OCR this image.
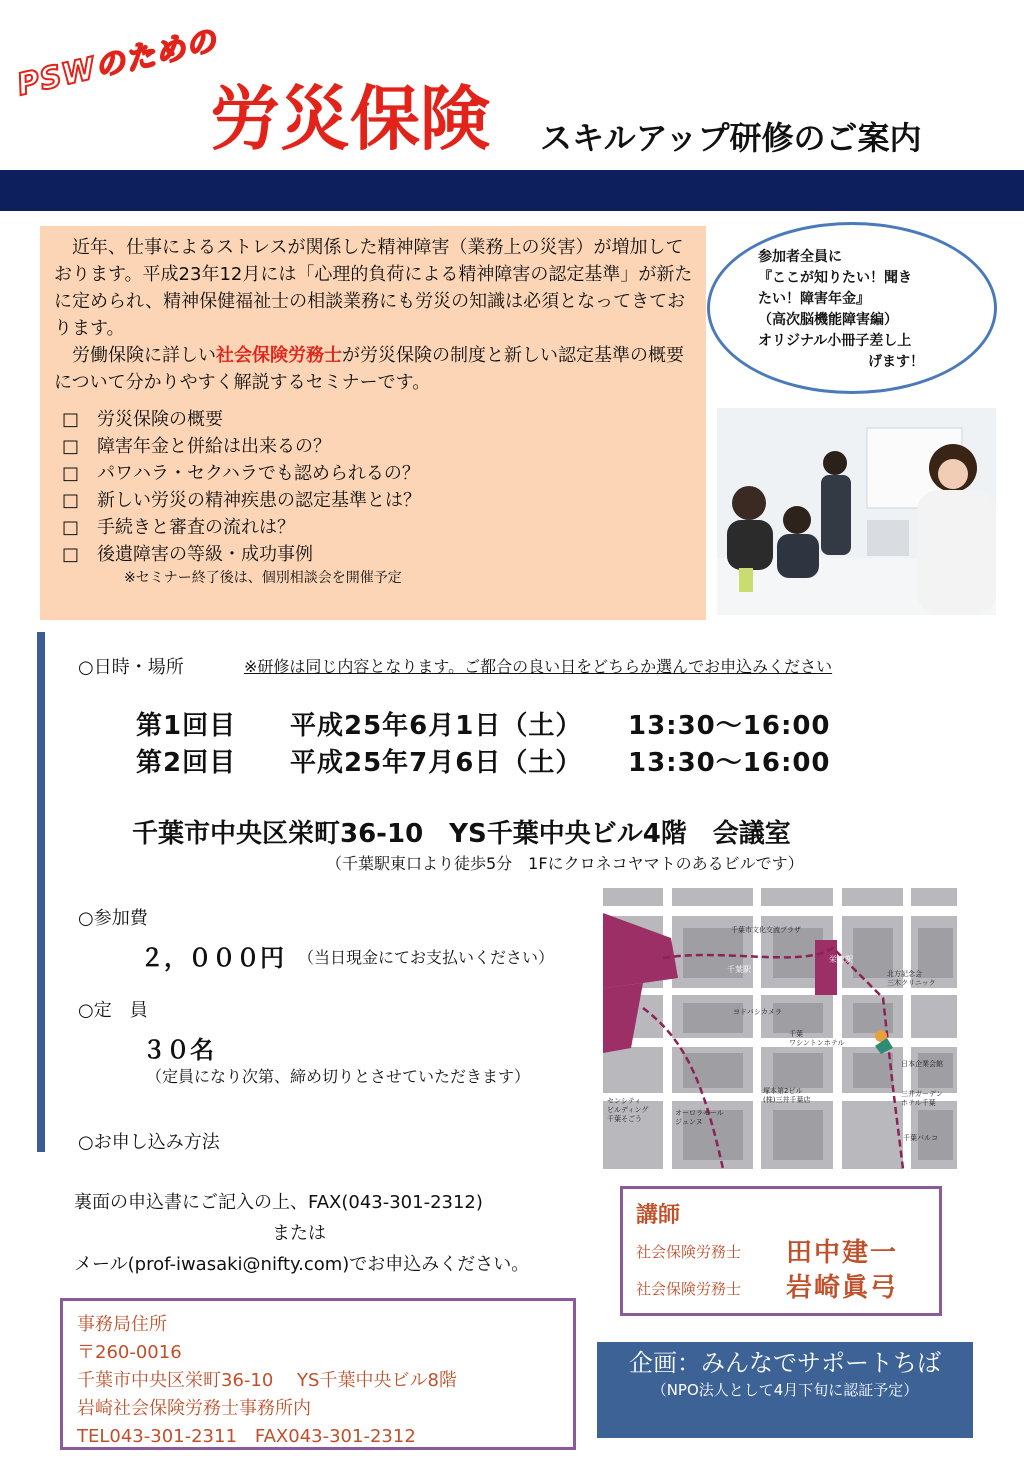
PSWのための
労災保険 スキルアップ研修のご案内

近年、仕事によるストレスが関係した精神障害（業務上の災害）が増加しております。平成23年12月には「心理的負荷による精神障害の認定基準」が新たに定められ、精神保健福祉士の相談業務にも労災の知識は必須となってきております。

労働保険に詳しい社会保険労務士が労災保険の制度と新しい認定基準の概要について分かりやすく解説するセミナーです。

□　労災保険の概要
□　障害年金と併給は出来るの？
□　パワハラ・セクハラでも認められるの？
□　新しい労災の精神疾患の認定基準とは？
□　手続きと審査の流れは？
□　後遺障害の等級・成功事例
※セミナー終了後は、個別相談会を開催予定
参加者全員に
『ここが知りたい！聞き
たい！障害年金』
（高次脳機能障害編）
オリジナル小冊子差し上
げます！
○日時・場所	※研修は同じ内容となります。ご都合の良い日をどちらか選んでお申込みください
第1回目 平成25年6月1日（土） 13:30～16:00
第2回目 平成25年7月6日（土） 13:30～16:00
千葉市中央区栄町36-10　YS千葉中央ビル4階　会議室
（千葉駅東口より徒歩5分　1Fにクロネコヤマトのあるビルです）
○参加費
２，０００円 （当日現金にてお支払いください）
○定　員
３０名
（定員になり次第、締め切りとさせていただきます）
○お申し込み方法
裏面の申込書にご記入の上、FAX(043-301-2312)
または
メール(prof-iwasaki@nifty.com)でお申込みください。
千葉駅
栄町駅
千葉市文化交流プラザ
北方記念会三木クリニック
ヨドバシカメラ
千葉ワシントンホテル
日本企業会館
塚本第2ビル(株)三井千葉店
センシティビルディング千葉そごう
オーロラモールジュンヌ
三井ガーデンホテル千葉
千葉パルコ
講師
社会保険労務士 田中建一
社会保険労務士 岩崎眞弓
事務局住所
〒260-0016
千葉市中央区栄町36-10　 YS千葉中央ビル8階
岩崎社会保険労務士事務所内
TEL043-301-2311　FAX043-301-2312
企画：みんなでサポートちば
（NPO法人として4月下旬に認証予定）
